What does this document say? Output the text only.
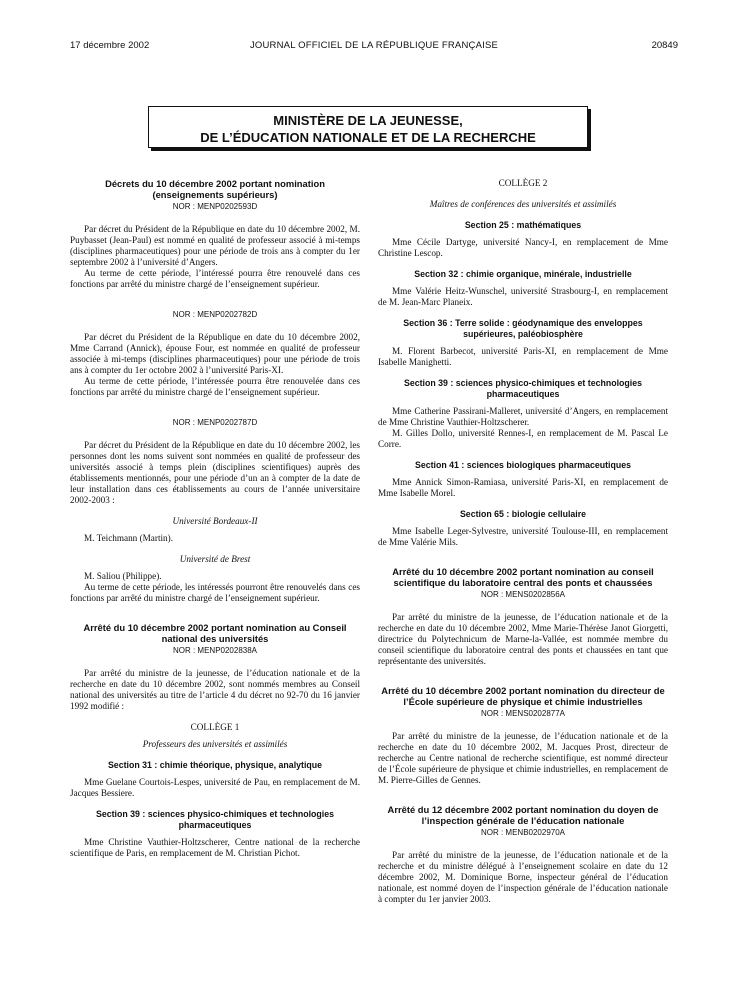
17 décembre 2002	JOURNAL OFFICIEL DE LA RÉPUBLIQUE FRANÇAISE	20849
MINISTÈRE DE LA JEUNESSE,
DE L’ÉDUCATION NATIONALE ET DE LA RECHERCHE
Décrets du 10 décembre 2002 portant nomination (enseignements supérieurs)
NOR : MENP0202593D

Par décret du Président de la République en date du 10 décembre 2002, M. Puybasset (Jean-Paul) est nommé en qualité de professeur associé à mi-temps (disciplines pharmaceutiques) pour une période de trois ans à compter du 1er septembre 2002 à l’université d’Angers.

Au terme de cette période, l’intéressé pourra être renouvelé dans ces fonctions par arrêté du ministre chargé de l’enseignement supérieur.

NOR : MENP0202782D

Par décret du Président de la République en date du 10 décembre 2002, Mme Carrand (Annick), épouse Four, est nommée en qualité de professeur associée à mi-temps (disciplines pharmaceutiques) pour une période de trois ans à compter du 1er octobre 2002 à l’université Paris-XI.

Au terme de cette période, l’intéressée pourra être renouvelée dans ces fonctions par arrêté du ministre chargé de l’enseignement supérieur.

NOR : MENP0202787D

Par décret du Président de la République en date du 10 décembre 2002, les personnes dont les noms suivent sont nommées en qualité de professeur des universités associé à temps plein (disciplines scientifiques) auprès des établissements mentionnés, pour une période d’un an à compter de la date de leur installation dans ces établissements au cours de l’année universitaire 2002-2003 :

Université Bordeaux-II

M. Teichmann (Martin).

Université de Brest

M. Saliou (Philippe).

Au terme de cette période, les intéressés pourront être renouvelés dans ces fonctions par arrêté du ministre chargé de l’enseignement supérieur.

Arrêté du 10 décembre 2002 portant nomination au Conseil national des universités
NOR : MENP0202838A

Par arrêté du ministre de la jeunesse, de l’éducation nationale et de la recherche en date du 10 décembre 2002, sont nommés membres au Conseil national des universités au titre de l’article 4 du décret no 92-70 du 16 janvier 1992 modifié :

COLLÈGE 1

Professeurs des universités et assimilés

Section 31 : chimie théorique, physique, analytique

Mme Guelane Courtois-Lespes, université de Pau, en remplacement de M. Jacques Bessiere.

Section 39 : sciences physico-chimiques et technologies pharmaceutiques

Mme Christine Vauthier-Holtzscherer, Centre national de la recherche scientifique de Paris, en remplacement de M. Christian Pichot.

COLLÈGE 2

Maîtres de conférences des universités et assimilés

Section 25 : mathématiques

Mme Cécile Dartyge, université Nancy-I, en remplacement de Mme Christine Lescop.

Section 32 : chimie organique, minérale, industrielle

Mme Valérie Heitz-Wunschel, université Strasbourg-I, en remplacement de M. Jean-Marc Planeix.

Section 36 : Terre solide : géodynamique des enveloppes supérieures, paléobiosphère

M. Florent Barbecot, université Paris-XI, en remplacement de Mme Isabelle Manighetti.

Section 39 : sciences physico-chimiques et technologies pharmaceutiques

Mme Catherine Passirani-Malleret, université d’Angers, en remplacement de Mme Christine Vauthier-Holtzscherer.

M. Gilles Dollo, université Rennes-I, en remplacement de M. Pascal Le Corre.

Section 41 : sciences biologiques pharmaceutiques

Mme Annick Simon-Ramiasa, université Paris-XI, en remplacement de Mme Isabelle Morel.

Section 65 : biologie cellulaire

Mme Isabelle Leger-Sylvestre, université Toulouse-III, en remplacement de Mme Valérie Mils.

Arrêté du 10 décembre 2002 portant nomination au conseil scientifique du laboratoire central des ponts et chaussées
NOR : MENS0202856A

Par arrêté du ministre de la jeunesse, de l’éducation nationale et de la recherche en date du 10 décembre 2002, Mme Marie-Thérèse Janot Giorgetti, directrice du Polytechnicum de Marne-la-Vallée, est nommée membre du conseil scientifique du laboratoire central des ponts et chaussées en tant que représentante des universités.

Arrêté du 10 décembre 2002 portant nomination du directeur de l’École supérieure de physique et chimie industrielles
NOR : MENS0202877A

Par arrêté du ministre de la jeunesse, de l’éducation nationale et de la recherche en date du 10 décembre 2002, M. Jacques Prost, directeur de recherche au Centre national de recherche scientifique, est nommé directeur de l’École supérieure de physique et chimie industrielles, en remplacement de M. Pierre-Gilles de Gennes.

Arrêté du 12 décembre 2002 portant nomination du doyen de l’inspection générale de l’éducation nationale
NOR : MENB0202970A

Par arrêté du ministre de la jeunesse, de l’éducation nationale et de la recherche et du ministre délégué à l’enseignement scolaire en date du 12 décembre 2002, M. Dominique Borne, inspecteur général de l’éducation nationale, est nommé doyen de l’inspection générale de l’éducation nationale à compter du 1er janvier 2003.
